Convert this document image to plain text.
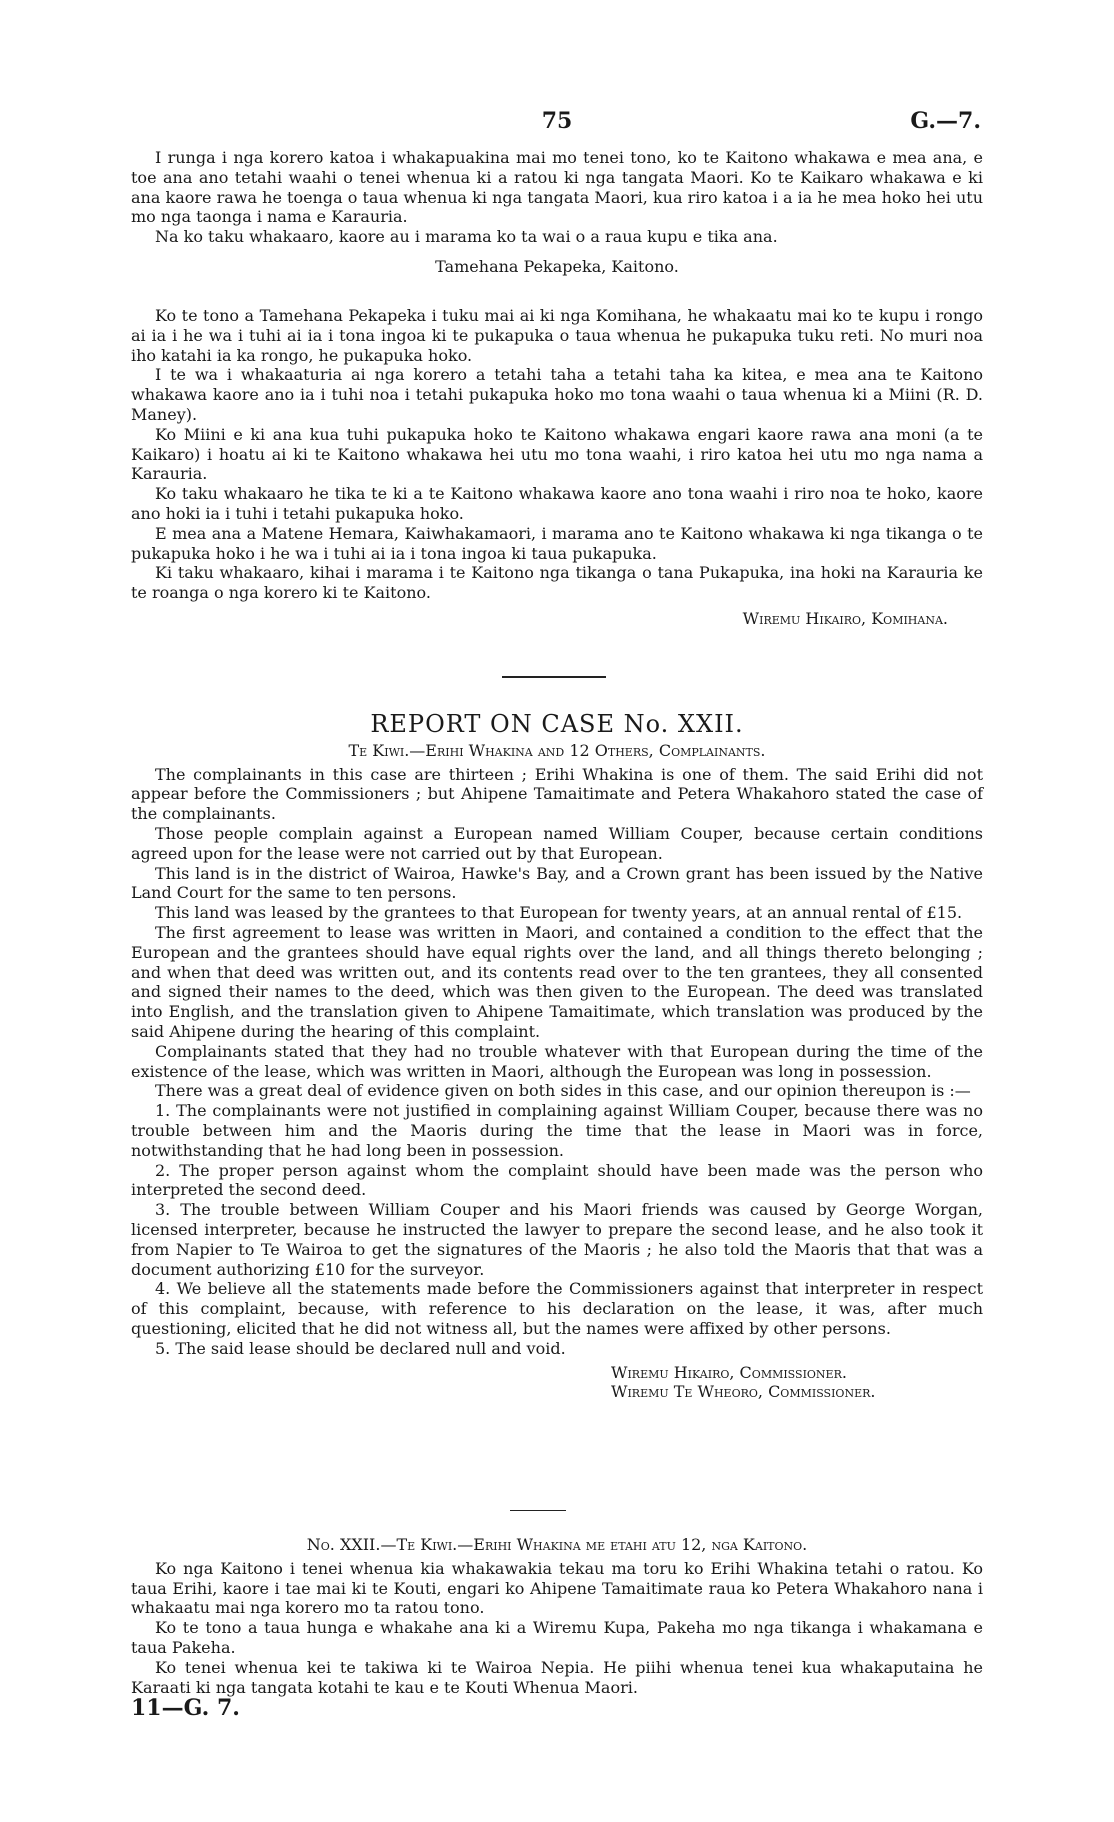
75	G.—7.

I runga i nga korero katoa i whakapuakina mai mo tenei tono, ko te Kaitono whakawa e mea ana, e toe ana ano tetahi waahi o tenei whenua ki a ratou ki nga tangata Maori. Ko te Kaikaro whakawa e ki ana kaore rawa he toenga o taua whenua ki nga tangata Maori, kua riro katoa i a ia he mea hoko hei utu mo nga taonga i nama e Karauria.

Na ko taku whakaaro, kaore au i marama ko ta wai o a raua kupu e tika ana.

Tamehana Pekapeka, Kaitono.

Ko te tono a Tamehana Pekapeka i tuku mai ai ki nga Komihana, he whakaatu mai ko te kupu i rongo ai ia i he wa i tuhi ai ia i tona ingoa ki te pukapuka o taua whenua he pukapuka tuku reti. No muri noa iho katahi ia ka rongo, he pukapuka hoko.

I te wa i whakaaturia ai nga korero a tetahi taha a tetahi taha ka kitea, e mea ana te Kaitono whakawa kaore ano ia i tuhi noa i tetahi pukapuka hoko mo tona waahi o taua whenua ki a Miini (R. D. Maney).

Ko Miini e ki ana kua tuhi pukapuka hoko te Kaitono whakawa engari kaore rawa ana moni (a te Kaikaro) i hoatu ai ki te Kaitono whakawa hei utu mo tona waahi, i riro katoa hei utu mo nga nama a Karauria.

Ko taku whakaaro he tika te ki a te Kaitono whakawa kaore ano tona waahi i riro noa te hoko, kaore ano hoki ia i tuhi i tetahi pukapuka hoko.

E mea ana a Matene Hemara, Kaiwhakamaori, i marama ano te Kaitono whakawa ki nga tikanga o te pukapuka hoko i he wa i tuhi ai ia i tona ingoa ki taua pukapuka.

Ki taku whakaaro, kihai i marama i te Kaitono nga tikanga o tana Pukapuka, ina hoki na Karauria ke te roanga o nga korero ki te Kaitono.

Wiremu Hikairo, Komihana.

REPORT ON CASE No. XXII.

Te Kiwi.—Erihi Whakina and 12 Others, Complainants.

The complainants in this case are thirteen ; Erihi Whakina is one of them. The said Erihi did not appear before the Commissioners ; but Ahipene Tamaitimate and Petera Whakahoro stated the case of the complainants.

Those people complain against a European named William Couper, because certain conditions agreed upon for the lease were not carried out by that European.

This land is in the district of Wairoa, Hawke's Bay, and a Crown grant has been issued by the Native Land Court for the same to ten persons.

This land was leased by the grantees to that European for twenty years, at an annual rental of £15.

The first agreement to lease was written in Maori, and contained a condition to the effect that the European and the grantees should have equal rights over the land, and all things thereto belonging ; and when that deed was written out, and its contents read over to the ten grantees, they all consented and signed their names to the deed, which was then given to the European. The deed was translated into English, and the translation given to Ahipene Tamaitimate, which translation was produced by the said Ahipene during the hearing of this complaint.

Complainants stated that they had no trouble whatever with that European during the time of the existence of the lease, which was written in Maori, although the European was long in possession.

There was a great deal of evidence given on both sides in this case, and our opinion thereupon is :—

1. The complainants were not justified in complaining against William Couper, because there was no trouble between him and the Maoris during the time that the lease in Maori was in force, notwithstanding that he had long been in possession.

2. The proper person against whom the complaint should have been made was the person who interpreted the second deed.

3. The trouble between William Couper and his Maori friends was caused by George Worgan, licensed interpreter, because he instructed the lawyer to prepare the second lease, and he also took it from Napier to Te Wairoa to get the signatures of the Maoris ; he also told the Maoris that that was a document authorizing £10 for the surveyor.

4. We believe all the statements made before the Commissioners against that interpreter in respect of this complaint, because, with reference to his declaration on the lease, it was, after much questioning, elicited that he did not witness all, but the names were affixed by other persons.

5. The said lease should be declared null and void.

Wiremu Hikairo, Commissioner.

Wiremu Te Wheoro, Commissioner.

No. XXII.—Te Kiwi.—Erihi Whakina me etahi atu 12, nga Kaitono.

Ko nga Kaitono i tenei whenua kia whakawakia tekau ma toru ko Erihi Whakina tetahi o ratou. Ko taua Erihi, kaore i tae mai ki te Kouti, engari ko Ahipene Tamaitimate raua ko Petera Whakahoro nana i whakaatu mai nga korero mo ta ratou tono.

Ko te tono a taua hunga e whakahe ana ki a Wiremu Kupa, Pakeha mo nga tikanga i whakamana e taua Pakeha.

Ko tenei whenua kei te takiwa ki te Wairoa Nepia. He piihi whenua tenei kua whakaputaina he Karaati ki nga tangata kotahi te kau e te Kouti Whenua Maori.

11—G. 7.
